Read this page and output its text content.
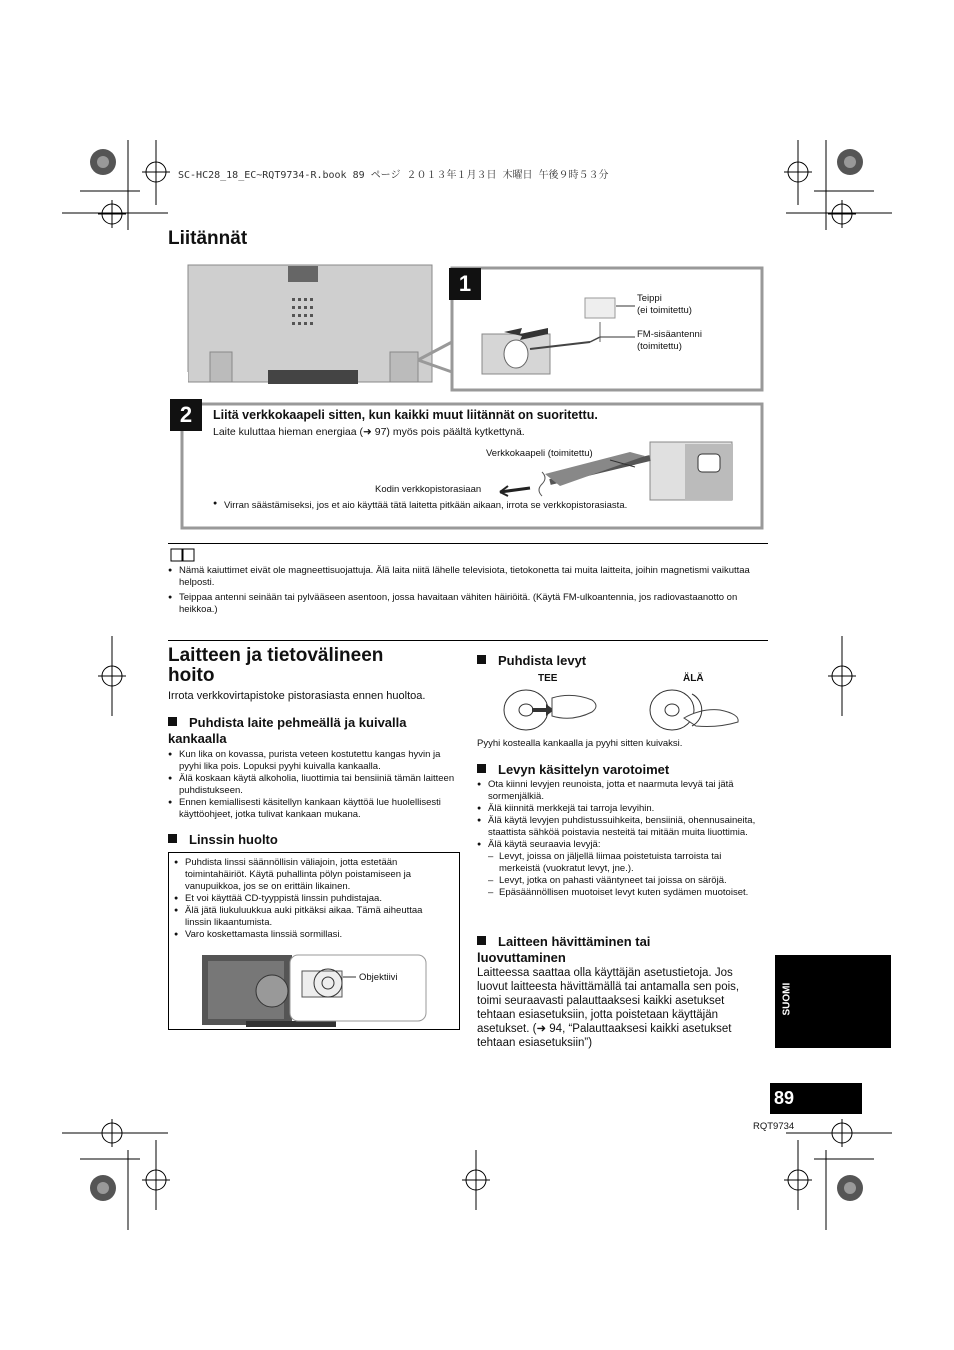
SC-HC28_18_EC~RQT9734-R.book 89 ページ ２０１３年１月３日 木曜日 午後９時５３分
Liitännät
1
Teippi
(ei toimitettu)
FM-sisäantenni
(toimitettu)
2	Liitä verkkokaapeli sitten, kun kaikki muut liitännät on suoritettu.
Laite kuluttaa hieman energiaa (➜ 97) myös pois päältä kytkettynä.
Verkkokaapeli (toimitettu)
Kodin verkkopistorasiaan
● Virran säästämiseksi, jos et aio käyttää tätä laitetta pitkään aikaan, irrota se verkkopistorasiasta.
● Nämä kaiuttimet eivät ole magneettisuojattuja. Älä laita niitä lähelle televisiota, tietokonetta tai muita laitteita, joihin magnetismi vaikuttaa helposti.
● Teippaa antenni seinään tai pylvääseen asentoon, jossa havaitaan vähiten häiriöitä. (Käytä FM-ulkoantennia, jos radiovastaanotto on heikkoa.)
Laitteen ja tietovälineen
hoito
Irrota verkkovirtapistoke pistorasiasta ennen huoltoa.
Puhdista laite pehmeällä ja kuivalla kankaalla
● Kun lika on kovassa, purista veteen kostutettu kangas hyvin ja pyyhi lika pois. Lopuksi pyyhi kuivalla kankaalla.
● Älä koskaan käytä alkoholia, liuottimia tai bensiiniä tämän laitteen puhdistukseen.
● Ennen kemiallisesti käsitellyn kankaan käyttöä lue huolellisesti käyttöohjeet, jotka tulivat kankaan mukana.
Linssin huolto
● Puhdista linssi säännöllisin väliajoin, jotta estetään toimintahäiriöt. Käytä puhallinta pölyn poistamiseen ja vanupuikkoa, jos se on erittäin likainen.
● Et voi käyttää CD-tyyppistä linssin puhdistajaa.
● Älä jätä liukuluukkua auki pitkäksi aikaa. Tämä aiheuttaa linssin likaantumista.
● Varo koskettamasta linssiä sormillasi.
Objektiivi
Puhdista levyt
TEE	ÄLÄ
Pyyhi kostealla kankaalla ja pyyhi sitten kuivaksi.
Levyn käsittelyn varotoimet
● Ota kiinni levyjen reunoista, jotta et naarmuta levyä tai jätä sormenjälkiä.
● Älä kiinnitä merkkejä tai tarroja levyihin.
● Älä käytä levyjen puhdistussuihkeita, bensiiniä, ohennusaineita, staattista sähköä poistavia nesteitä tai mitään muita liuottimia.
● Älä käytä seuraavia levyjä:
– Levyt, joissa on jäljellä liimaa poistetuista tarroista tai merkeistä (vuokratut levyt, jne.).
– Levyt, jotka on pahasti vääntyneet tai joissa on säröjä.
– Epäsäännöllisen muotoiset levyt kuten sydämen muotoiset.
Laitteen hävittäminen tai luovuttaminen
Laitteessa saattaa olla käyttäjän asetustietoja. Jos luovut laitteesta hävittämällä tai antamalla sen pois, toimi seuraavasti palauttaaksesi kaikki asetukset tehtaan esiasetuksiin, jotta poistetaan käyttäjän asetukset. (➜ 94, “Palauttaaksesi kaikki asetukset tehtaan esiasetuksiin”)
SUOMI
89
RQT9734
